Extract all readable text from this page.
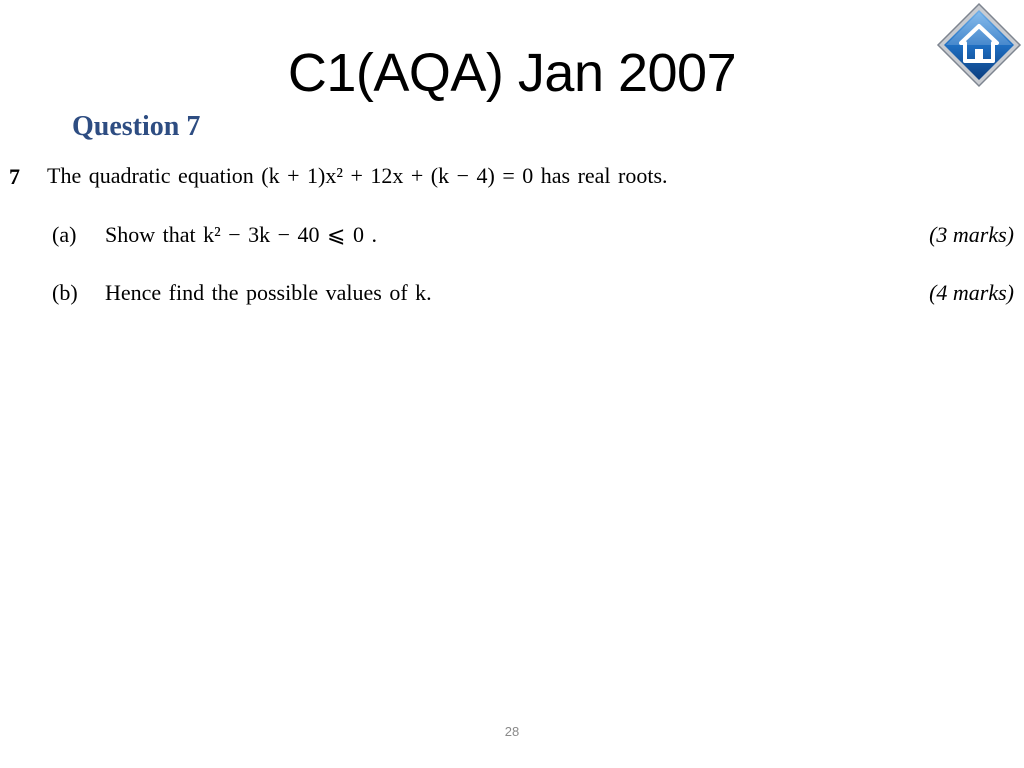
C1(AQA) Jan 2007
Question 7
7 The quadratic equation (k + 1)x² + 12x + (k − 4) = 0 has real roots.
(a) Show that k² − 3k − 40 ⩽ 0 .	(3 marks)
(b) Hence find the possible values of k.	(4 marks)
28
